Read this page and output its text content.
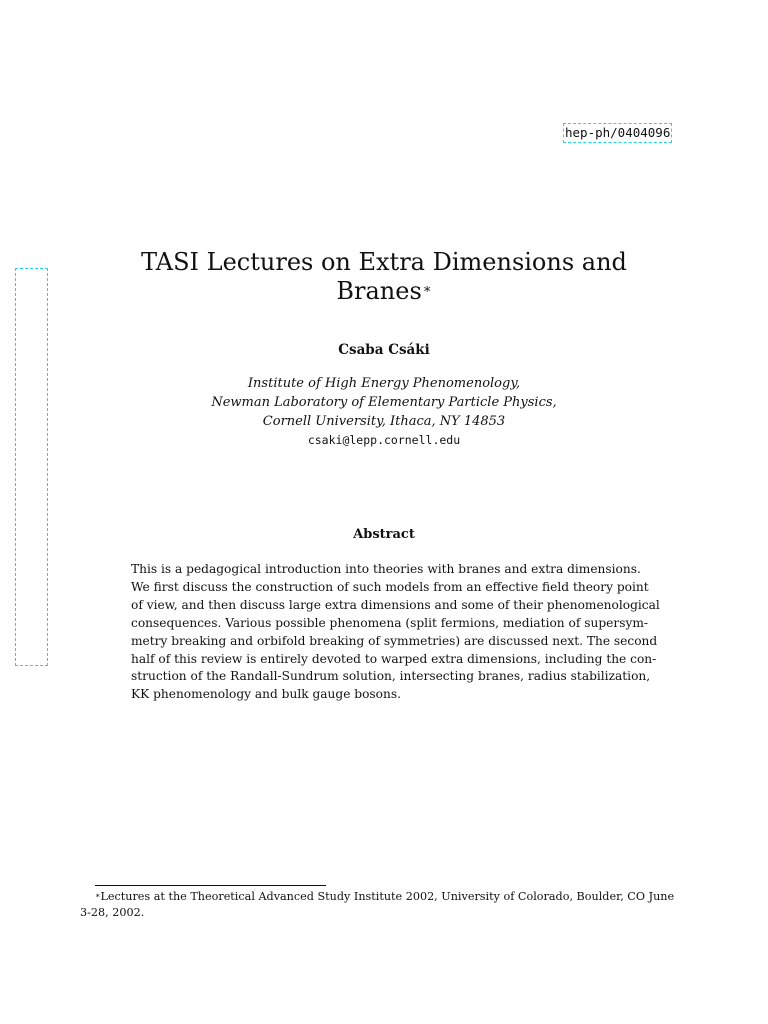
hep-ph/0404096
TASI Lectures on Extra Dimensions and
Branes∗
Csaba Csáki
Institute of High Energy Phenomenology,
Newman Laboratory of Elementary Particle Physics,
Cornell University, Ithaca, NY 14853
csaki@lepp.cornell.edu
Abstract
This is a pedagogical introduction into theories with branes and extra dimensions.
We first discuss the construction of such models from an effective field theory point
of view, and then discuss large extra dimensions and some of their phenomenological
consequences. Various possible phenomena (split fermions, mediation of supersym-
metry breaking and orbifold breaking of symmetries) are discussed next. The second
half of this review is entirely devoted to warped extra dimensions, including the con-
struction of the Randall-Sundrum solution, intersecting branes, radius stabilization,
KK phenomenology and bulk gauge bosons.
∗Lectures at the Theoretical Advanced Study Institute 2002, University of Colorado, Boulder, CO June
3-28, 2002.
